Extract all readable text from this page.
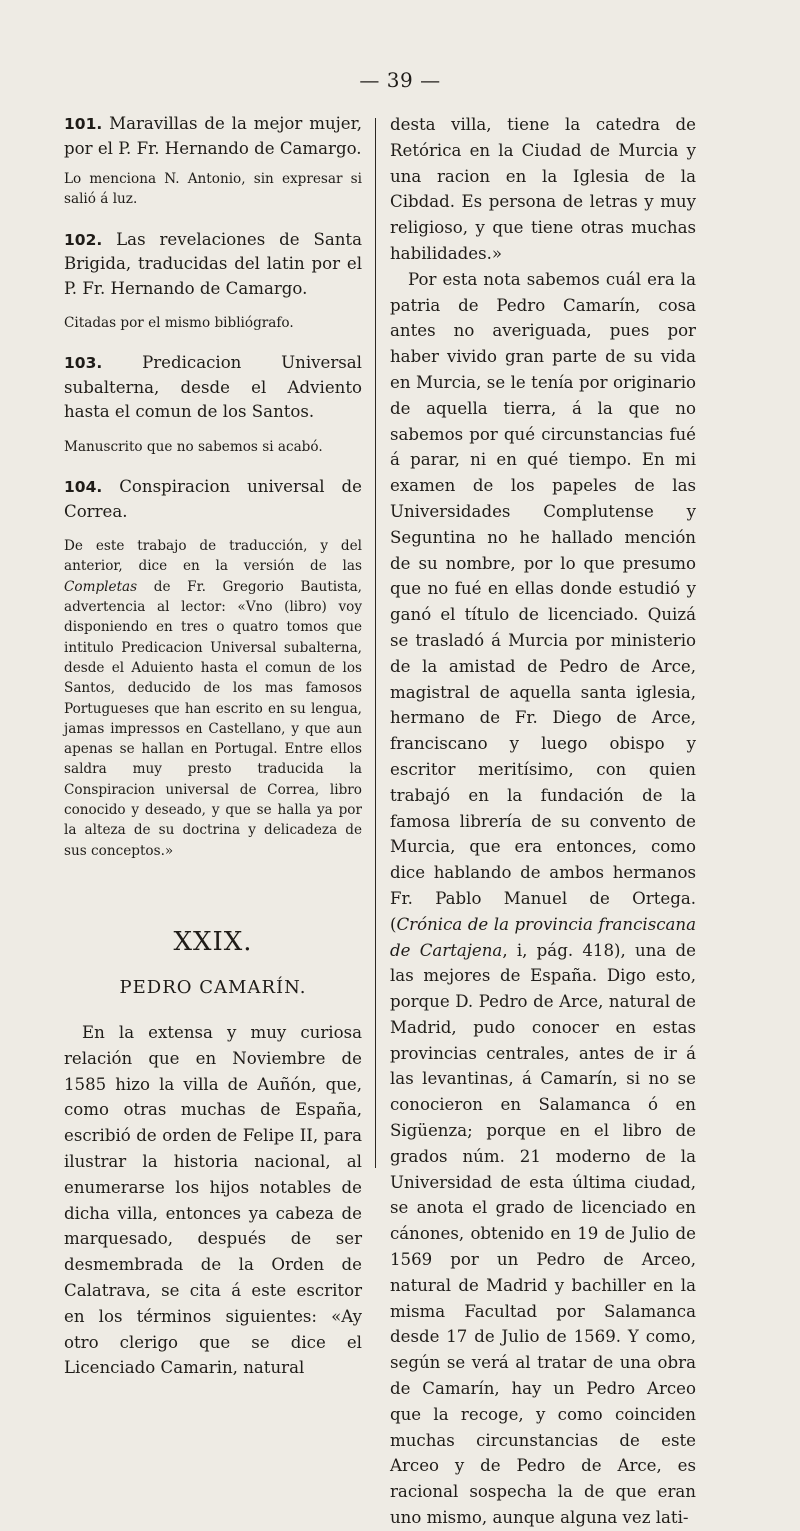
— 39 —

101. Maravillas de la mejor mujer, por el P. Fr. Hernando de Camargo.

Lo menciona N. Antonio, sin expresar si salió á luz.

102. Las revelaciones de Santa Brigida, traducidas del latin por el P. Fr. Hernando de Camargo.

Citadas por el mismo bibliógrafo.

103. Predicacion Universal subalterna, desde el Adviento hasta el comun de los Santos.

Manuscrito que no sabemos si acabó.

104. Conspiracion universal de Correa.

De este trabajo de traducción, y del anterior, dice en la versión de las Completas de Fr. Gregorio Bautista, advertencia al lector: «Vno (libro) voy disponiendo en tres o quatro tomos que intitulo Predicacion Universal subalterna, desde el Aduiento hasta el comun de los Santos, deducido de los mas famosos Portugueses que han escrito en su lengua, jamas impressos en Castellano, y que aun apenas se hallan en Portugal. Entre ellos saldra muy presto traducida la Conspiracion universal de Correa, libro conocido y deseado, y que se halla ya por la alteza de su doctrina y delicadeza de sus conceptos.»

XXIX.

PEDRO CAMARÍN.

En la extensa y muy curiosa relación que en Noviembre de 1585 hizo la villa de Auñón, que, como otras muchas de España, escribió de orden de Felipe II, para ilustrar la historia nacional, al enumerarse los hijos notables de dicha villa, entonces ya cabeza de marquesado, después de ser desmembrada de la Orden de Calatrava, se cita á este escritor en los términos siguientes: «Ay otro clerigo que se dice el Licenciado Camarin, natural

desta villa, tiene la catedra de Retórica en la Ciudad de Murcia y una racion en la Iglesia de la Cibdad. Es persona de letras y muy religioso, y que tiene otras muchas habilidades.»

Por esta nota sabemos cuál era la patria de Pedro Camarín, cosa antes no averiguada, pues por haber vivido gran parte de su vida en Murcia, se le tenía por originario de aquella tierra, á la que no sabemos por qué circunstancias fué á parar, ni en qué tiempo. En mi examen de los papeles de las Universidades Complutense y Seguntina no he hallado mención de su nombre, por lo que presumo que no fué en ellas donde estudió y ganó el título de licenciado. Quizá se trasladó á Murcia por ministerio de la amistad de Pedro de Arce, magistral de aquella santa iglesia, hermano de Fr. Diego de Arce, franciscano y luego obispo y escritor meritísimo, con quien trabajó en la fundación de la famosa librería de su convento de Murcia, que era entonces, como dice hablando de ambos hermanos Fr. Pablo Manuel de Ortega. (Crónica de la provincia franciscana de Cartajena, i, pág. 418), una de las mejores de España. Digo esto, porque D. Pedro de Arce, natural de Madrid, pudo conocer en estas provincias centrales, antes de ir á las levantinas, á Camarín, si no se conocieron en Salamanca ó en Sigüenza; porque en el libro de grados núm. 21 moderno de la Universidad de esta última ciudad, se anota el grado de licenciado en cánones, obtenido en 19 de Julio de 1569 por un Pedro de Arceo, natural de Madrid y bachiller en la misma Facultad por Salamanca desde 17 de Julio de 1569. Y como, según se verá al tratar de una obra de Camarín, hay un Pedro Arceo que la recoge, y como coinciden muchas circunstancias de este Arceo y de Pedro de Arce, es racional sospecha la de que eran uno mismo, aunque alguna vez lati-
